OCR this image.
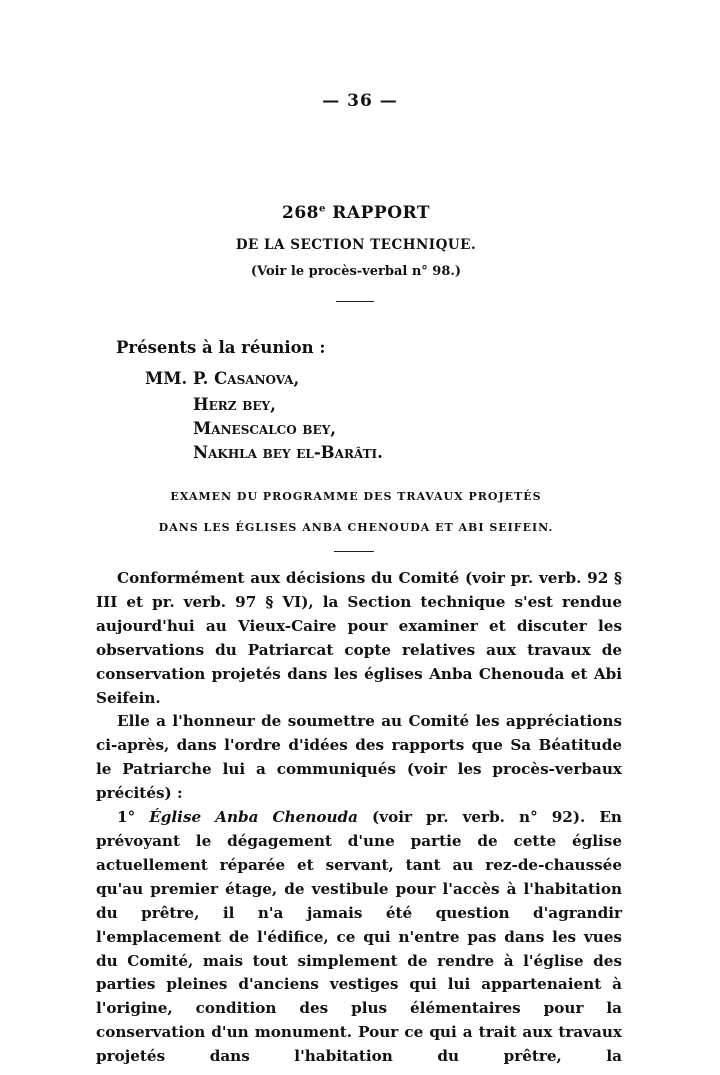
— 36 —
268e RAPPORT
DE LA SECTION TECHNIQUE.
(Voir le procès-verbal n° 98.)
Présents à la réunion :
MM. P. Casanova,
Herz bey,
Manescalco bey,
Nakhla bey el-Barâti.
EXAMEN DU PROGRAMME DES TRAVAUX PROJETÉS
DANS LES ÉGLISES ANBA CHENOUDA ET ABI SEIFEIN.

Conformément aux décisions du Comité (voir pr. verb. 92 § III et pr. verb. 97 § VI), la Section technique s'est rendue aujourd'hui au Vieux-Caire pour examiner et discuter les observations du Patriarcat copte relatives aux travaux de conservation projetés dans les églises Anba Chenouda et Abi Seifein.

Elle a l'honneur de soumettre au Comité les appréciations ci-après, dans l'ordre d'idées des rapports que Sa Béatitude le Patriarche lui a communiqués (voir les procès-verbaux précités) :

1° Église Anba Chenouda (voir pr. verb. n° 92). En prévoyant le dégagement d'une partie de cette église actuellement réparée et servant, tant au rez-de-chaussée qu'au premier étage, de vestibule pour l'accès à l'habitation du prêtre, il n'a jamais été question d'agrandir l'emplacement de l'édifice, ce qui n'entre pas dans les vues du Comité, mais tout simplement de rendre à l'église des parties pleines d'anciens vestiges qui lui appartenaient à l'origine, condition des plus élémentaires pour la conservation d'un monument. Pour ce qui a trait aux travaux projetés dans l'habitation du prêtre, la
